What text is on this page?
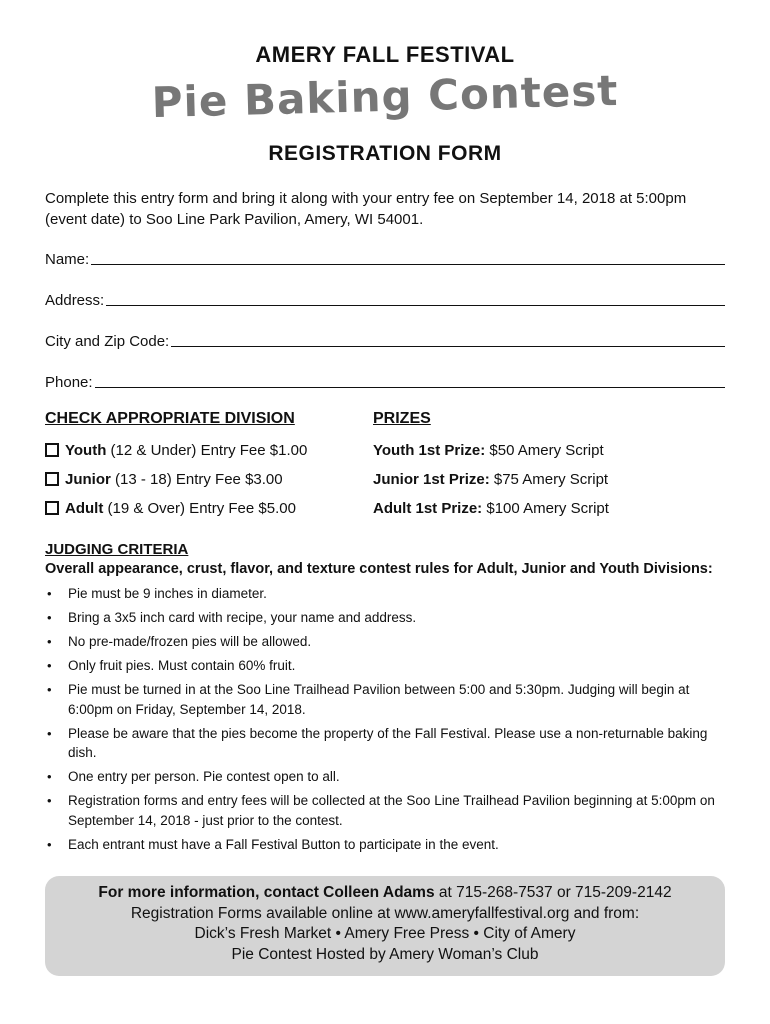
AMERY FALL FESTIVAL
Pie Baking Contest
REGISTRATION FORM
Complete this entry form and bring it along with your entry fee on September 14, 2018 at 5:00pm (event date) to Soo Line Park Pavilion, Amery, WI 54001.
Name:
Address:
City and Zip Code:
Phone:
CHECK APPROPRIATE DIVISION	PRIZES
Youth (12 & Under) Entry Fee $1.00
Junior (13 - 18) Entry Fee $3.00
Adult (19 & Over) Entry Fee $5.00
Youth 1st Prize: $50 Amery Script
Junior 1st Prize: $75 Amery Script
Adult 1st Prize: $100 Amery Script
JUDGING CRITERIA
Overall appearance, crust, flavor, and texture contest rules for Adult, Junior and Youth Divisions:
• Pie must be 9 inches in diameter.
• Bring a 3x5 inch card with recipe, your name and address.
• No pre-made/frozen pies will be allowed.
• Only fruit pies. Must contain 60% fruit.
• Pie must be turned in at the Soo Line Trailhead Pavilion between 5:00 and 5:30pm. Judging will begin at 6:00pm on Friday, September 14, 2018.
• Please be aware that the pies become the property of the Fall Festival. Please use a non-returnable baking dish.
• One entry per person. Pie contest open to all.
• Registration forms and entry fees will be collected at the Soo Line Trailhead Pavilion beginning at 5:00pm on September 14, 2018 - just prior to the contest.
• Each entrant must have a Fall Festival Button to participate in the event.
For more information, contact Colleen Adams at 715-268-7537 or 715-209-2142
Registration Forms available online at www.ameryfallfestival.org and from:
Dick’s Fresh Market • Amery Free Press • City of Amery
Pie Contest Hosted by Amery Woman’s Club
